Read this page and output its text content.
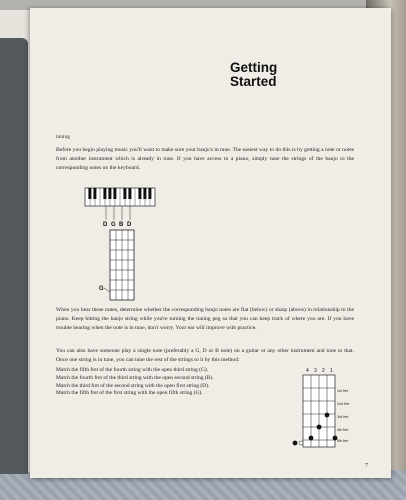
Getting
Started
tuning

Before you begin playing music you'll want to make sure your banjo's in tune. The easiest way to do this is by getting a note or notes from another instrument which is already in tune. If you have access to a piano, simply tune the strings of the banjo to the corresponding notes on the keyboard.

D G B D
G

When you hear these notes, determine whether the corresponding banjo notes are flat (below) or sharp (above) in relationship to the piano. Keep hitting the banjo string while you're turning the tuning peg so that you can keep track of where you are. If you have trouble hearing when the note is in tune, don't worry. Your ear will improve with practice.

You can also have someone play a single note (preferably a G, D or B note) on a guitar or any other instrument and tune to that. Once one string is in tune, you can tune the rest of the strings to it by this method:

Match the fifth fret of the fourth string with the open third string (G).
Match the fourth fret of the third string with the open second string (B).
Match the third fret of the second string with the open first string (D).
Match the fifth fret of the first string with the open fifth string (G).
4 3 2 1
1st fret
2nd fret
3rd fret
4th fret
5th fret
7
